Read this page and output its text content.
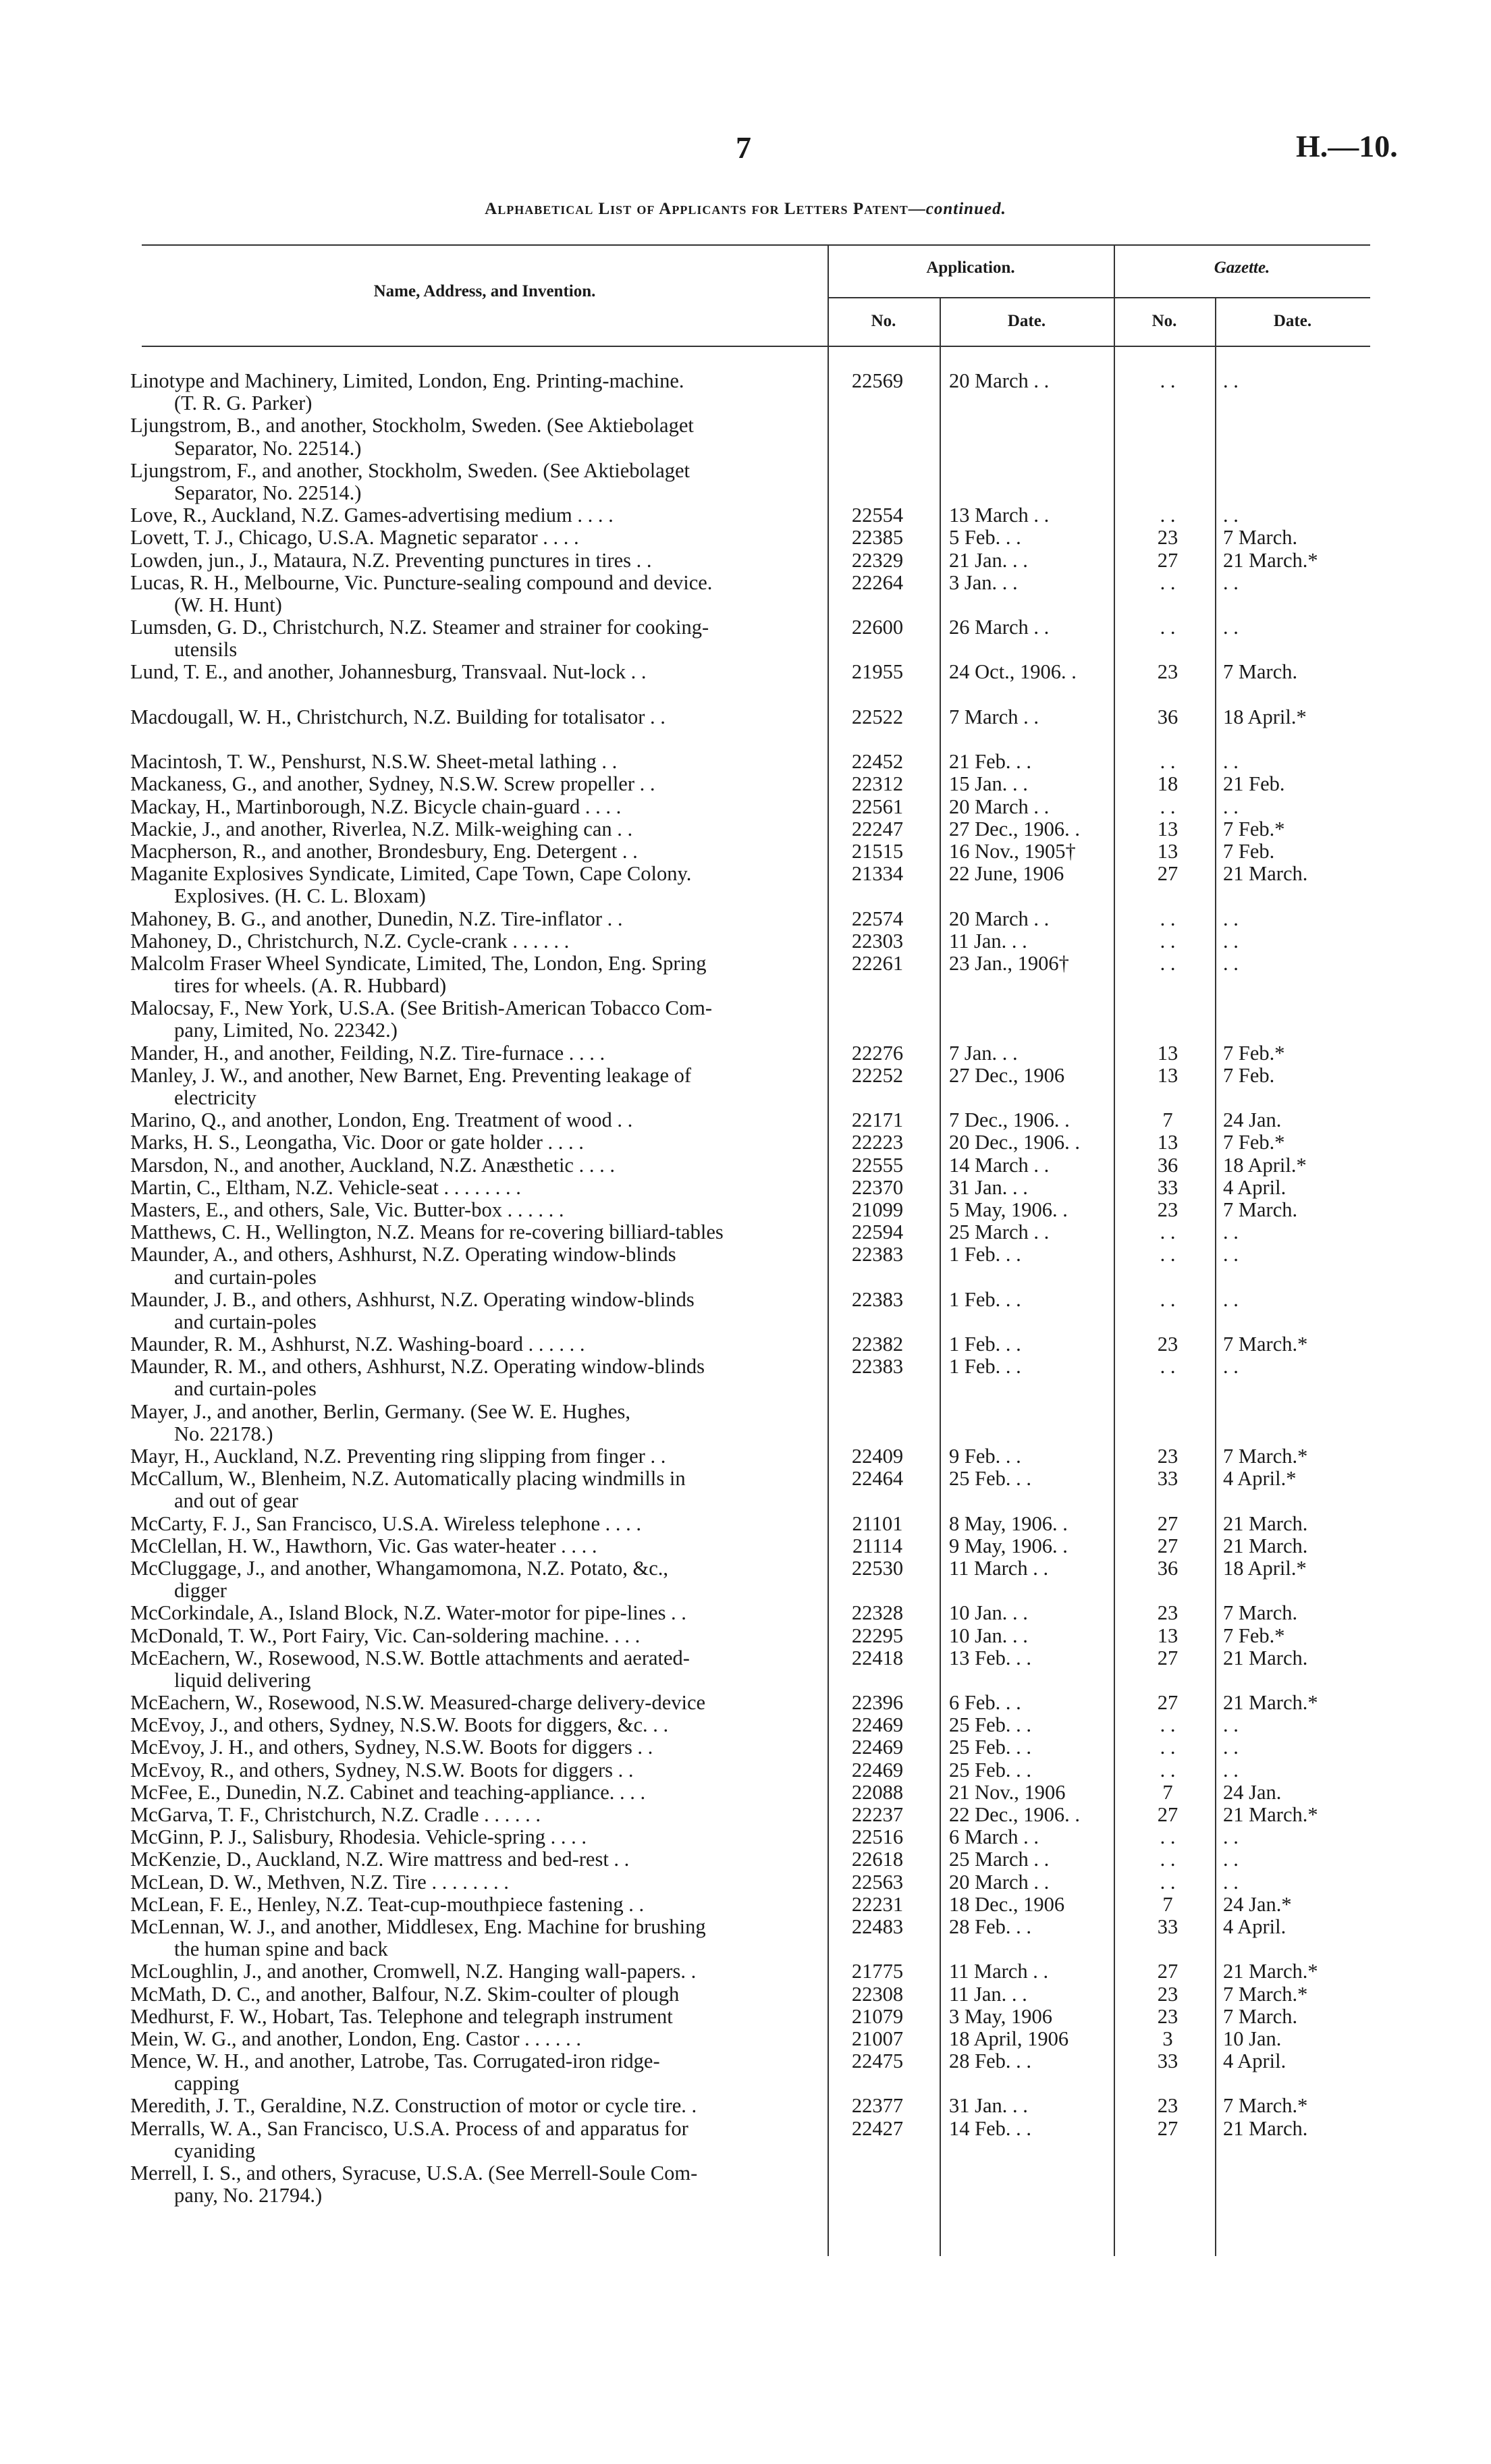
7	H.—10.
Alphabetical List of Applicants for Letters Patent—continued.
Name, Address, and Invention.
Application.	Gazette.
No.	Date.	No.	Date.
Linotype and Machinery, Limited, London, Eng. Printing-machine.	22569	20 March . .	. .	. .
(T. R. G. Parker)
Ljungstrom, B., and another, Stockholm, Sweden. (See Aktiebolaget
Separator, No. 22514.)
Ljungstrom, F., and another, Stockholm, Sweden. (See Aktiebolaget
Separator, No. 22514.)
Love, R., Auckland, N.Z. Games-advertising medium . . . .	22554	13 March . .	. .	. .
Lovett, T. J., Chicago, U.S.A. Magnetic separator . . . .	22385	5 Feb. . .	23	7 March.
Lowden, jun., J., Mataura, N.Z. Preventing punctures in tires . .	22329	21 Jan. . .	27	21 March.*
Lucas, R. H., Melbourne, Vic. Puncture-sealing compound and device.	22264	3 Jan. . .	. .	. .
(W. H. Hunt)
Lumsden, G. D., Christchurch, N.Z. Steamer and strainer for cooking-	22600	26 March . .	. .	. .
utensils
Lund, T. E., and another, Johannesburg, Transvaal. Nut-lock . .	21955	24 Oct., 1906. .	23	7 March.
Macdougall, W. H., Christchurch, N.Z. Building for totalisator . .	22522	7 March . .	36	18 April.*
Macintosh, T. W., Penshurst, N.S.W. Sheet-metal lathing . .	22452	21 Feb. . .	. .	. .
Mackaness, G., and another, Sydney, N.S.W. Screw propeller . .	22312	15 Jan. . .	18	21 Feb.
Mackay, H., Martinborough, N.Z. Bicycle chain-guard . . . .	22561	20 March . .	. .	. .
Mackie, J., and another, Riverlea, N.Z. Milk-weighing can . .	22247	27 Dec., 1906. .	13	7 Feb.*
Macpherson, R., and another, Brondesbury, Eng. Detergent . .	21515	16 Nov., 1905†	13	7 Feb.
Maganite Explosives Syndicate, Limited, Cape Town, Cape Colony.	21334	22 June, 1906	27	21 March.
Explosives. (H. C. L. Bloxam)
Mahoney, B. G., and another, Dunedin, N.Z. Tire-inflator . .	22574	20 March . .	. .	. .
Mahoney, D., Christchurch, N.Z. Cycle-crank . . . . . .	22303	11 Jan. . .	. .	. .
Malcolm Fraser Wheel Syndicate, Limited, The, London, Eng. Spring	22261	23 Jan., 1906†	. .	. .
tires for wheels. (A. R. Hubbard)
Malocsay, F., New York, U.S.A. (See British-American Tobacco Com-
pany, Limited, No. 22342.)
Mander, H., and another, Feilding, N.Z. Tire-furnace . . . .	22276	7 Jan. . .	13	7 Feb.*
Manley, J. W., and another, New Barnet, Eng. Preventing leakage of	22252	27 Dec., 1906	13	7 Feb.
electricity
Marino, Q., and another, London, Eng. Treatment of wood . .	22171	7 Dec., 1906. .	7	24 Jan.
Marks, H. S., Leongatha, Vic. Door or gate holder . . . .	22223	20 Dec., 1906. .	13	7 Feb.*
Marsdon, N., and another, Auckland, N.Z. Anæsthetic . . . .	22555	14 March . .	36	18 April.*
Martin, C., Eltham, N.Z. Vehicle-seat . . . . . . . .	22370	31 Jan. . .	33	4 April.
Masters, E., and others, Sale, Vic. Butter-box . . . . . .	21099	5 May, 1906. .	23	7 March.
Matthews, C. H., Wellington, N.Z. Means for re-covering billiard-tables	22594	25 March . .	. .	. .
Maunder, A., and others, Ashhurst, N.Z. Operating window-blinds	22383	1 Feb. . .	. .	. .
and curtain-poles
Maunder, J. B., and others, Ashhurst, N.Z. Operating window-blinds	22383	1 Feb. . .	. .	. .
and curtain-poles
Maunder, R. M., Ashhurst, N.Z. Washing-board . . . . . .	22382	1 Feb. . .	23	7 March.*
Maunder, R. M., and others, Ashhurst, N.Z. Operating window-blinds	22383	1 Feb. . .	. .	. .
and curtain-poles
Mayer, J., and another, Berlin, Germany. (See W. E. Hughes,
No. 22178.)
Mayr, H., Auckland, N.Z. Preventing ring slipping from finger . .	22409	9 Feb. . .	23	7 March.*
McCallum, W., Blenheim, N.Z. Automatically placing windmills in	22464	25 Feb. . .	33	4 April.*
and out of gear
McCarty, F. J., San Francisco, U.S.A. Wireless telephone . . . .	21101	8 May, 1906. .	27	21 March.
McClellan, H. W., Hawthorn, Vic. Gas water-heater . . . .	21114	9 May, 1906. .	27	21 March.
McCluggage, J., and another, Whangamomona, N.Z. Potato, &c.,	22530	11 March . .	36	18 April.*
digger
McCorkindale, A., Island Block, N.Z. Water-motor for pipe-lines . .	22328	10 Jan. . .	23	7 March.
McDonald, T. W., Port Fairy, Vic. Can-soldering machine. . . .	22295	10 Jan. . .	13	7 Feb.*
McEachern, W., Rosewood, N.S.W. Bottle attachments and aerated-	22418	13 Feb. . .	27	21 March.
liquid delivering
McEachern, W., Rosewood, N.S.W. Measured-charge delivery-device	22396	6 Feb. . .	27	21 March.*
McEvoy, J., and others, Sydney, N.S.W. Boots for diggers, &c. . .	22469	25 Feb. . .	. .	. .
McEvoy, J. H., and others, Sydney, N.S.W. Boots for diggers . .	22469	25 Feb. . .	. .	. .
McEvoy, R., and others, Sydney, N.S.W. Boots for diggers . .	22469	25 Feb. . .	. .	. .
McFee, E., Dunedin, N.Z. Cabinet and teaching-appliance. . . .	22088	21 Nov., 1906	7	24 Jan.
McGarva, T. F., Christchurch, N.Z. Cradle . . . . . .	22237	22 Dec., 1906. .	27	21 March.*
McGinn, P. J., Salisbury, Rhodesia. Vehicle-spring . . . .	22516	6 March . .	. .	. .
McKenzie, D., Auckland, N.Z. Wire mattress and bed-rest . .	22618	25 March . .	. .	. .
McLean, D. W., Methven, N.Z. Tire . . . . . . . .	22563	20 March . .	. .	. .
McLean, F. E., Henley, N.Z. Teat-cup-mouthpiece fastening . .	22231	18 Dec., 1906	7	24 Jan.*
McLennan, W. J., and another, Middlesex, Eng. Machine for brushing	22483	28 Feb. . .	33	4 April.
the human spine and back
McLoughlin, J., and another, Cromwell, N.Z. Hanging wall-papers. .	21775	11 March . .	27	21 March.*
McMath, D. C., and another, Balfour, N.Z. Skim-coulter of plough	22308	11 Jan. . .	23	7 March.*
Medhurst, F. W., Hobart, Tas. Telephone and telegraph instrument	21079	3 May, 1906	23	7 March.
Mein, W. G., and another, London, Eng. Castor . . . . . .	21007	18 April, 1906	3	10 Jan.
Mence, W. H., and another, Latrobe, Tas. Corrugated-iron ridge-	22475	28 Feb. . .	33	4 April.
capping
Meredith, J. T., Geraldine, N.Z. Construction of motor or cycle tire. .	22377	31 Jan. . .	23	7 March.*
Merralls, W. A., San Francisco, U.S.A. Process of and apparatus for	22427	14 Feb. . .	27	21 March.
cyaniding
Merrell, I. S., and others, Syracuse, U.S.A. (See Merrell-Soule Com-
pany, No. 21794.)
